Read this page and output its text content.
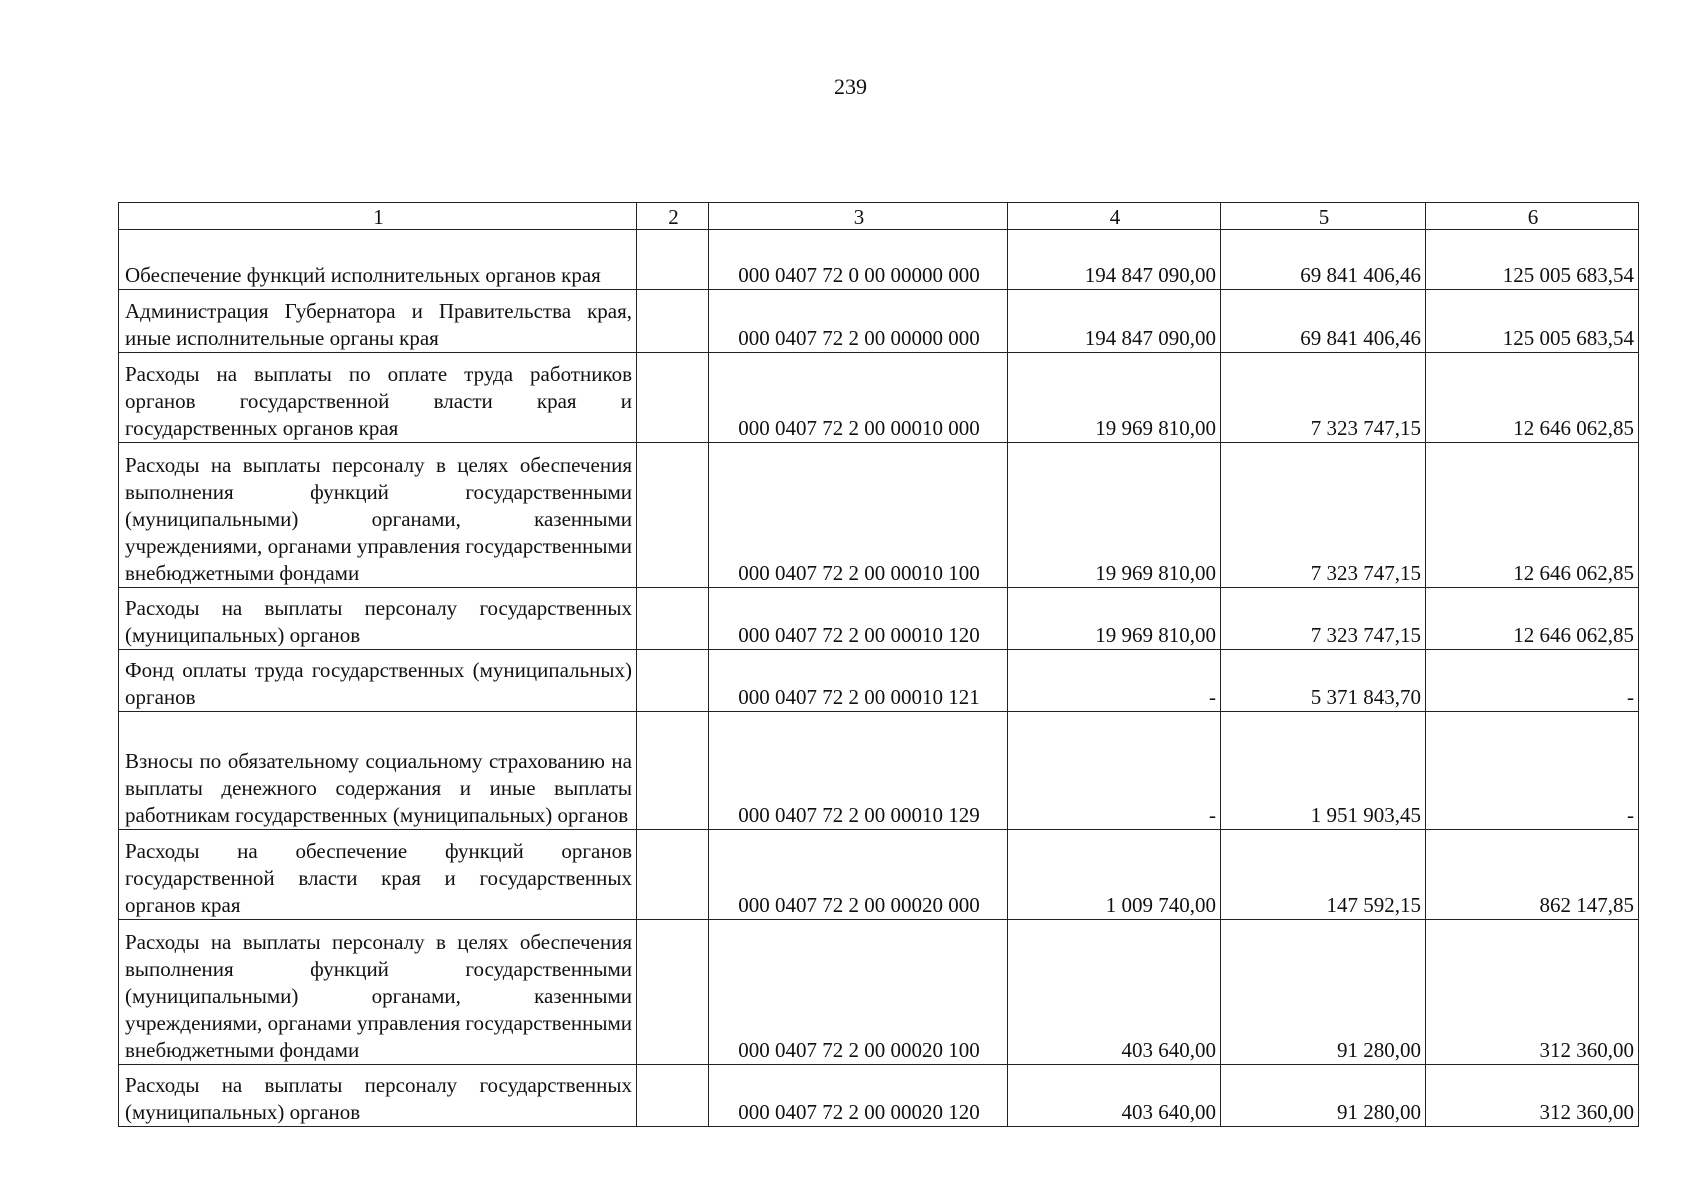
239
1	2	3	4	5	6
Обеспечение функций исполнительных органов края		000 0407 72 0 00 00000 000	194 847 090,00	69 841 406,46	125 005 683,54
Администрация Губернатора и Правительства края, иные исполнительные органы края		000 0407 72 2 00 00000 000	194 847 090,00	69 841 406,46	125 005 683,54
Расходы на выплаты по оплате труда работников органов государственной власти края и государственных органов края		000 0407 72 2 00 00010 000	19 969 810,00	7 323 747,15	12 646 062,85
Расходы на выплаты персоналу в целях обеспечения выполнения функций государственными (муниципальными) органами, казенными учреждениями, органами управления государственными внебюджетными фондами		000 0407 72 2 00 00010 100	19 969 810,00	7 323 747,15	12 646 062,85
Расходы на выплаты персоналу государственных (муниципальных) органов		000 0407 72 2 00 00010 120	19 969 810,00	7 323 747,15	12 646 062,85
Фонд оплаты труда государственных (муниципальных) органов		000 0407 72 2 00 00010 121	-	5 371 843,70	-
Взносы по обязательному социальному страхованию на выплаты денежного содержания и иные выплаты работникам государственных (муниципальных) органов		000 0407 72 2 00 00010 129	-	1 951 903,45	-
Расходы на обеспечение функций органов государственной власти края и государственных органов края		000 0407 72 2 00 00020 000	1 009 740,00	147 592,15	862 147,85
Расходы на выплаты персоналу в целях обеспечения выполнения функций государственными (муниципальными) органами, казенными учреждениями, органами управления государственными внебюджетными фондами		000 0407 72 2 00 00020 100	403 640,00	91 280,00	312 360,00
Расходы на выплаты персоналу государственных (муниципальных) органов		000 0407 72 2 00 00020 120	403 640,00	91 280,00	312 360,00
